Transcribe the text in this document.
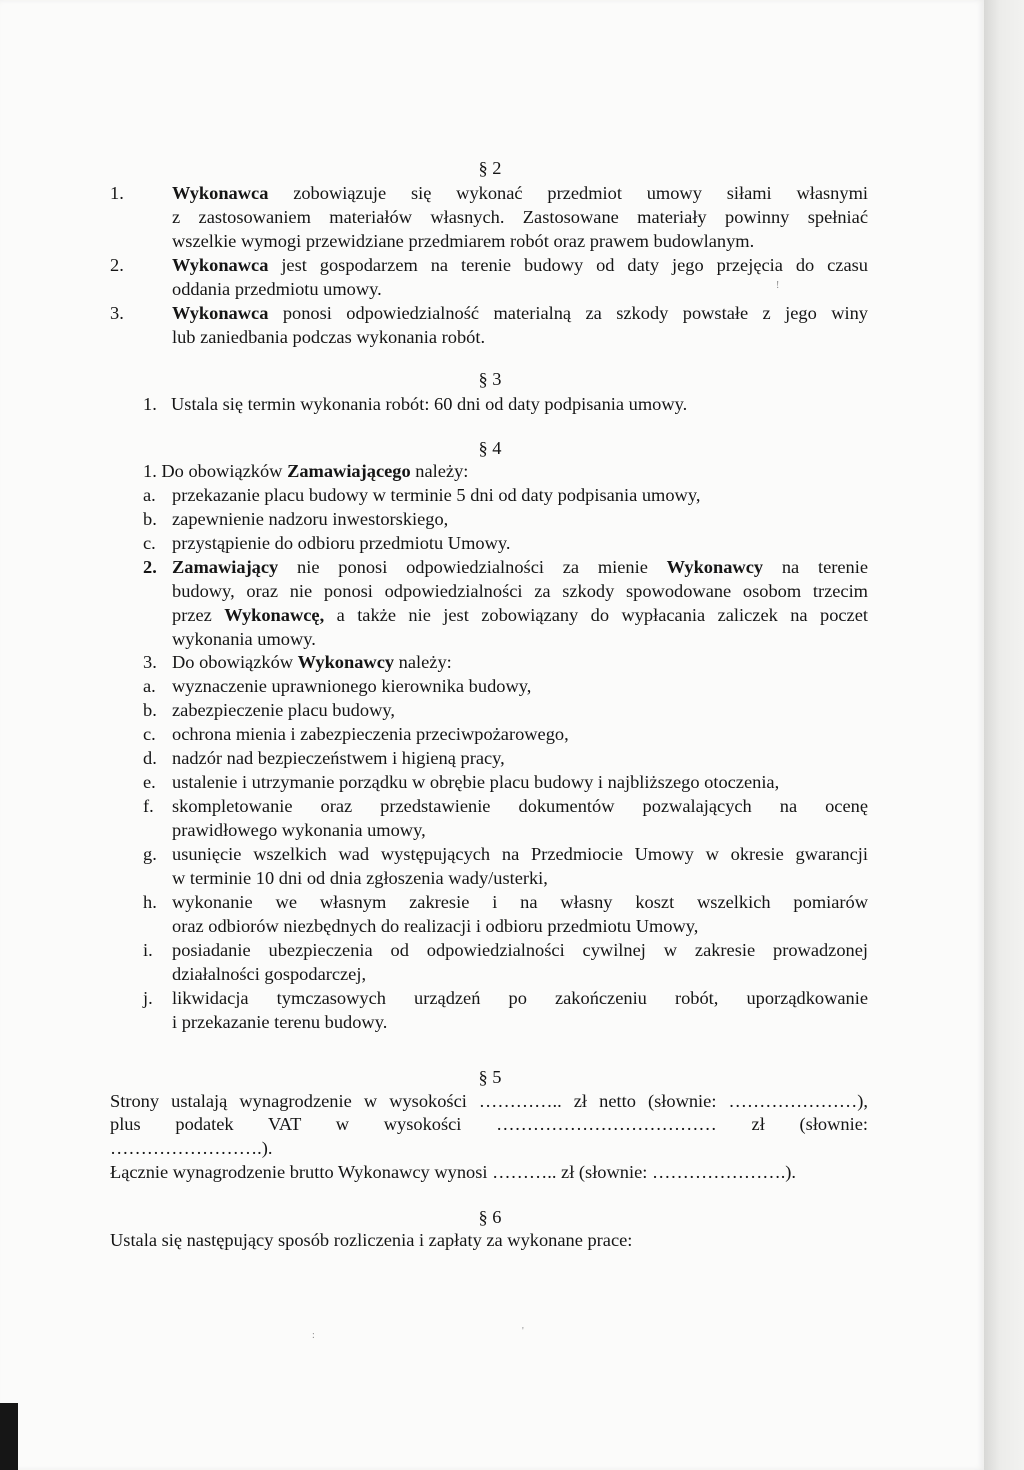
§ 2
1.	Wykonawca zobowiązuje się wykonać przedmiot umowy siłami własnymi
z zastosowaniem materiałów własnych. Zastosowane materiały powinny spełniać
wszelkie wymogi przewidziane przedmiarem robót oraz prawem budowlanym.
2.	Wykonawca jest gospodarzem na terenie budowy od daty jego przejęcia do czasu
oddania przedmiotu umowy.
3.	Wykonawca ponosi odpowiedzialność materialną za szkody powstałe z jego winy
lub zaniedbania podczas wykonania robót.
§ 3
1. Ustala się termin wykonania robót: 60 dni od daty podpisania umowy.
§ 4
1. Do obowiązków Zamawiającego należy:
a. przekazanie placu budowy w terminie 5 dni od daty podpisania umowy,
b. zapewnienie nadzoru inwestorskiego,
c. przystąpienie do odbioru przedmiotu Umowy.
2. Zamawiający nie ponosi odpowiedzialności za mienie Wykonawcy na terenie
budowy, oraz nie ponosi odpowiedzialności za szkody spowodowane osobom trzecim
przez Wykonawcę, a także nie jest zobowiązany do wypłacania zaliczek na poczet
wykonania umowy.
3. Do obowiązków Wykonawcy należy:
a. wyznaczenie uprawnionego kierownika budowy,
b. zabezpieczenie placu budowy,
c. ochrona mienia i zabezpieczenia przeciwpożarowego,
d. nadzór nad bezpieczeństwem i higieną pracy,
e. ustalenie i utrzymanie porządku w obrębie placu budowy i najbliższego otoczenia,
f. skompletowanie oraz przedstawienie dokumentów pozwalających na ocenę
prawidłowego wykonania umowy,
g. usunięcie wszelkich wad występujących na Przedmiocie Umowy w okresie gwarancji
w terminie 10 dni od dnia zgłoszenia wady/usterki,
h. wykonanie we własnym zakresie i na własny koszt wszelkich pomiarów
oraz odbiorów niezbędnych do realizacji i odbioru przedmiotu Umowy,
i. posiadanie ubezpieczenia od odpowiedzialności cywilnej w zakresie prowadzonej
działalności gospodarczej,
j. likwidacja tymczasowych urządzeń po zakończeniu robót, uporządkowanie
i przekazanie terenu budowy.
§ 5
Strony ustalają wynagrodzenie w wysokości ………….. zł netto (słownie: …………………),
plus podatek VAT w wysokości ……………………………… zł (słownie:
…………………….).
Łącznie wynagrodzenie brutto Wykonawcy wynosi ……….. zł (słownie: ………………….).
§ 6
Ustala się następujący sposób rozliczenia i zapłaty za wykonane prace:
!
:	'
